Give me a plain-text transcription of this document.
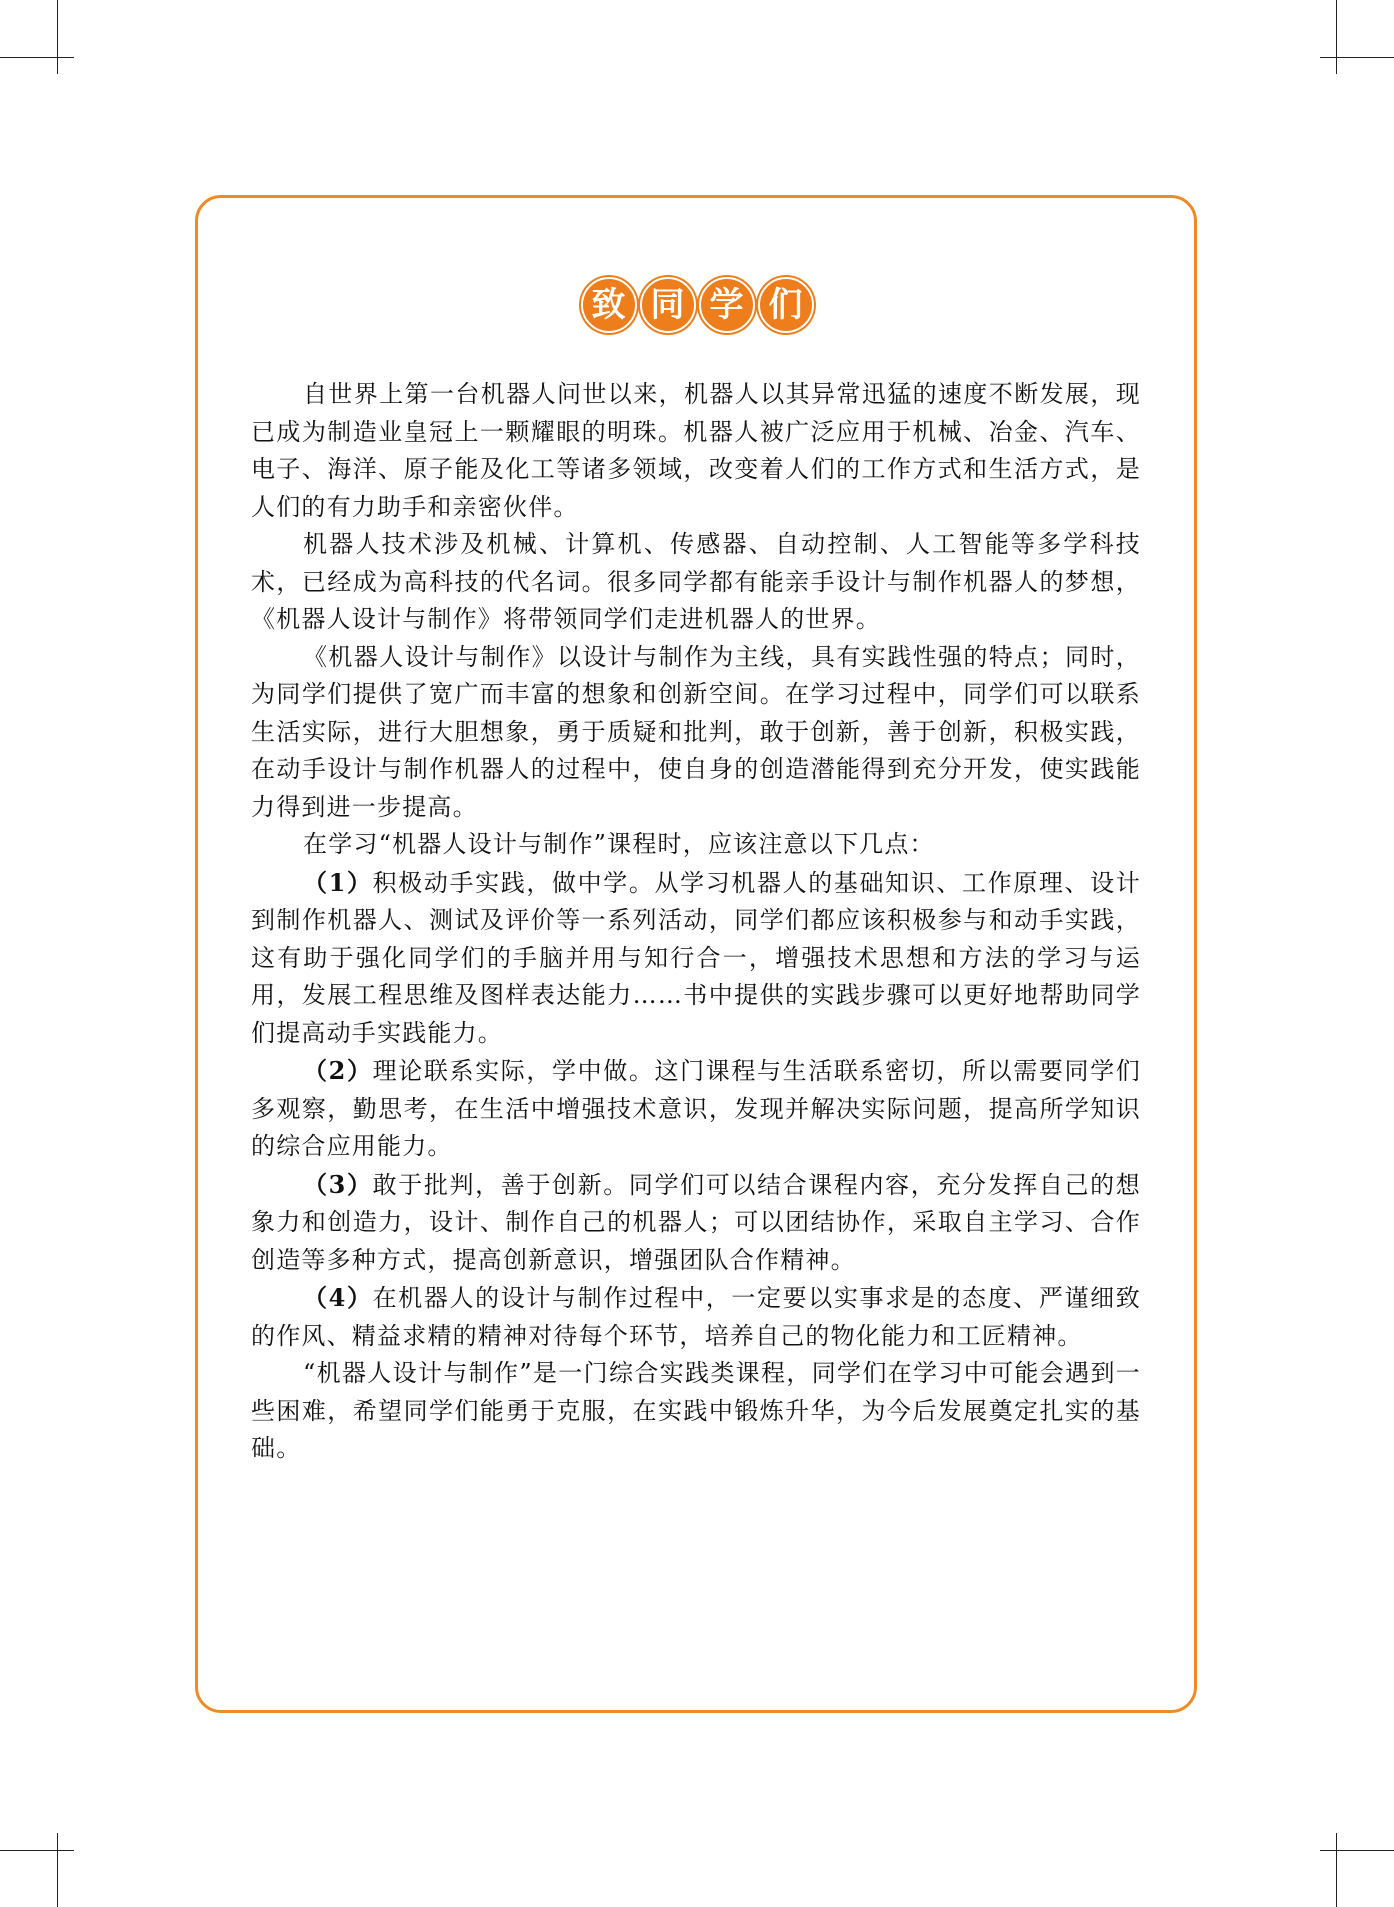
致 同 学 们

自世界上第一台机器人问世以来，机器人以其异常迅猛的速度不断发展，现已成为制造业皇冠上一颗耀眼的明珠。机器人被广泛应用于机械、冶金、汽车、电子、海洋、原子能及化工等诸多领域，改变着人们的工作方式和生活方式，是人们的有力助手和亲密伙伴。

机器人技术涉及机械、计算机、传感器、自动控制、人工智能等多学科技术，已经成为高科技的代名词。很多同学都有能亲手设计与制作机器人的梦想，《机器人设计与制作》将带领同学们走进机器人的世界。

《机器人设计与制作》以设计与制作为主线，具有实践性强的特点；同时，为同学们提供了宽广而丰富的想象和创新空间。在学习过程中，同学们可以联系生活实际，进行大胆想象，勇于质疑和批判，敢于创新，善于创新，积极实践，在动手设计与制作机器人的过程中，使自身的创造潜能得到充分开发，使实践能力得到进一步提高。

在学习“机器人设计与制作”课程时，应该注意以下几点：

（1）积极动手实践，做中学。从学习机器人的基础知识、工作原理、设计到制作机器人、测试及评价等一系列活动，同学们都应该积极参与和动手实践，这有助于强化同学们的手脑并用与知行合一，增强技术思想和方法的学习与运用，发展工程思维及图样表达能力……书中提供的实践步骤可以更好地帮助同学们提高动手实践能力。

（2）理论联系实际，学中做。这门课程与生活联系密切，所以需要同学们多观察，勤思考，在生活中增强技术意识，发现并解决实际问题，提高所学知识的综合应用能力。

（3）敢于批判，善于创新。同学们可以结合课程内容，充分发挥自己的想象力和创造力，设计、制作自己的机器人；可以团结协作，采取自主学习、合作创造等多种方式，提高创新意识，增强团队合作精神。

（4）在机器人的设计与制作过程中，一定要以实事求是的态度、严谨细致的作风、精益求精的精神对待每个环节，培养自己的物化能力和工匠精神。

“机器人设计与制作”是一门综合实践类课程，同学们在学习中可能会遇到一些困难，希望同学们能勇于克服，在实践中锻炼升华，为今后发展奠定扎实的基础。
